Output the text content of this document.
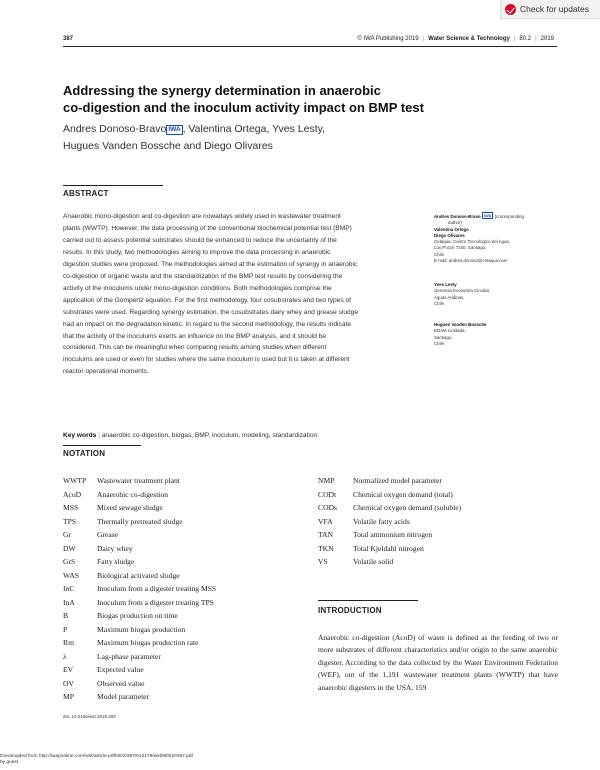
Check for updates
387	© IWA Publishing 2019 | Water Science & Technology | 80.2 | 2019
Addressing the synergy determination in anaerobic
co-digestion and the inoculum activity impact on BMP test
Andres Donoso-Bravo IWA , Valentina Ortega, Yves Lesty,
Hugues Vanden Bossche and Diego Olivares
ABSTRACT
Anaerobic mono-digestion and co-digestion are nowadays widely used in wastewater treatment
plants (WWTP). However, the data processing of the conventional biochemical potential test (BMP)
carried out to assess potential substrates should be enhanced to reduce the uncertainty of the
results. In this study, two methodologies aiming to improve the data processing in anaerobic
digestion studies were proposed. The methodologies aimed at the estimation of synergy in anaerobic
co-digestion of organic waste and the standardization of the BMP test results by considering the
activity of the inoculums under mono-digestion conditions. Both methodologies comprise the
application of the Gompertz equation. For the first methodology, four cosubstrates and two types of
substrates were used. Regarding synergy estimation, the cosubstrates dairy whey and grease sludge
had an impact on the degradation kinetic. In regard to the second methodology, the results indicate
that the activity of the inoculums exerts an influence on the BMP analysis, and it should be
considered. This can be meaningful when comparing results among studies when different
inoculums are used or even for studies where the same inoculum is used but it is taken at different
reactor operational moments.
Key words | anaerobic co-digestion, biogas, BMP, inoculum, modeling, standardization
Andres Donoso-Bravo IWA (corresponding
author)
Valentina Ortega
Diego Olivares
Cetaqua, Centro Tecnológico del Agua,
Los Pozos 7340, Santiago,
Chile
E-mail: andres.donoso@cetaqua.com
Yves Lesty
Gerencia Economía Circular,
Aguas Andinas,
Chile
Hugues Vanden Bossche
EDAM Limitada,
Santiago,
Chile
NOTATION
WWTP	Wastewater treatment plant
AcoD	Anaerobic co-digestion
MSS	Mixed sewage sludge
TPS	Thermally pretreated sludge
Gr	Grease
DW	Dairy whey
GrS	Fatty sludge
WAS	Biological activated sludge
InC	Inoculum from a digester treating MSS
InA	Inoculum from a digester treating TPS
B	Biogas production on time
P	Maximum biogas production
Rm	Maximum biogas production rate
λ	Lag-phase parameter
EV	Expected value
OV	Observed value
MP	Model parameter
NMP	Normalized model parameter
CODt	Chemical oxygen demand (total)
CODs	Chemical oxygen demand (soluble)
VFA	Volatile fatty acids
TAN	Total ammonium nitrogen
TKN	Total Kjeldahl nitrogen
VS	Volatile solid
INTRODUCTION
Anaerobic co-digestion (AcoD) of waste is defined as the feeding of two or more substrates of different characteristics and/or origin to the same anaerobic digester. According to the data collected by the Water Environment Federation (WEF), out of the 1,191 wastewater treatment plants (WWTP) that have anaerobic digesters in the USA, 159
doi: 10.2166/wst.2019.292
Downloaded from http://iwaponline.com/wst/article-pdf/80/2/387/612179/wst080020387.pdf
by guest
